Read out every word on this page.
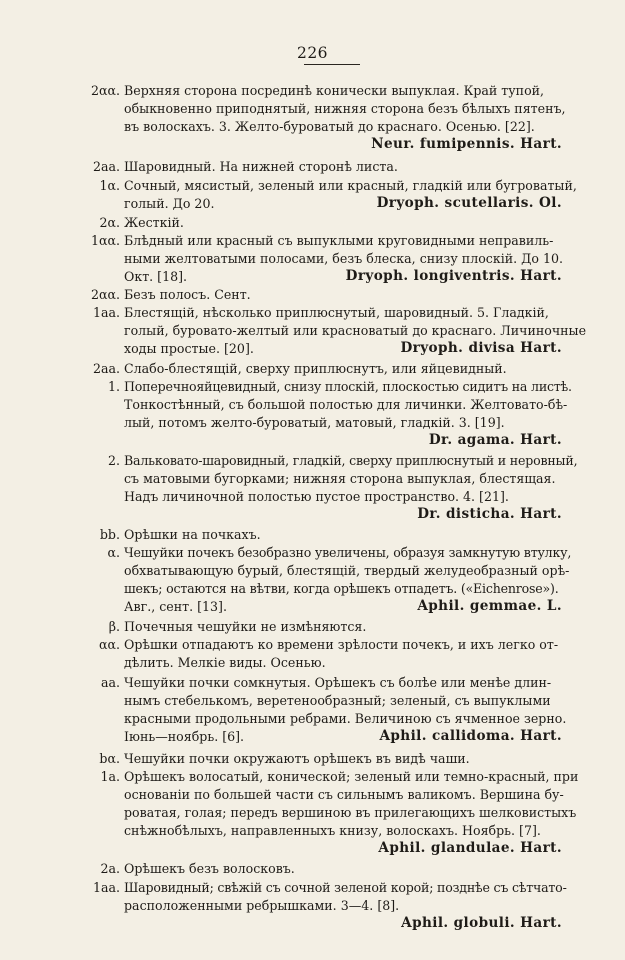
226
2αα. Верхняя сторона посрединѣ конически выпуклая. Край тупой,
обыкновенно приподнятый, нижняя сторона безъ бѣлыхъ пятенъ,
въ волоскахъ. 3. Желто-буроватый до краснаго. Осенью. [22].
Neur. fumipennis. Hart.
2aa. Шаровидный. На нижней сторонѣ листа.
1α. Сочный, мясистый, зеленый или красный, гладкій или бугроватый,
голый. До 20.	Dryoph. scutellaris. Ol.
2α. Жесткій.
1αα. Блѣдный или красный съ выпуклыми круговидными неправиль-
ными желтоватыми полосами, безъ блеска, снизу плоскій. До 10.
Окт. [18].	Dryoph. longiventris. Hart.
2αα. Безъ полосъ. Сент.
1aa. Блестящій, нѣсколько приплюснутый, шаровидный. 5. Гладкій,
голый, буровато-желтый или красноватый до краснаго. Личиночные
ходы простые. [20].	Dryoph. divisa Hart.
2aa. Слабо-блестящій, сверху приплюснутъ, или яйцевидный.
1. Поперечнояйцевидный, снизу плоскій, плоскостью сидитъ на листѣ.
Тонкостѣнный, съ большой полостью для личинки. Желтовато-бѣ-
лый, потомъ желто-буроватый, матовый, гладкій. 3. [19].
Dr. agama. Hart.
2. Вальковато-шаровидный, гладкій, сверху приплюснутый и неровный,
съ матовыми бугорками; нижняя сторона выпуклая, блестящая.
Надъ личиночной полостью пустое пространство. 4. [21].
Dr. disticha. Hart.
bb. Орѣшки на почкахъ.
α. Чешуйки почекъ безобразно увеличены, образуя замкнутую втулку,
обхватывающую бурый, блестящій, твердый желудеобразный орѣ-
шекъ; остаются на вѣтви, когда орѣшекъ отпадетъ. («Eichenrose»).
Авг., сент. [13].	Aphil. gemmae. L.
β. Почечныя чешуйки не измѣняются.
αα. Орѣшки отпадаютъ ко времени зрѣлости почекъ, и ихъ легко от-
дѣлить. Мелкіе виды. Осенью.
aa. Чешуйки почки сомкнутыя. Орѣшекъ съ болѣе или менѣе длин-
нымъ стебелькомъ, веретенообразный; зеленый, съ выпуклыми
красными продольными ребрами. Величиною съ ячменное зерно.
Іюнь—ноябрь. [6].	Aphil. callidoma. Hart.
bα. Чешуйки почки окружаютъ орѣшекъ въ видѣ чаши.
1a. Орѣшекъ волосатый, конической; зеленый или темно-красный, при
основаніи по большей части съ сильнымъ валикомъ. Вершина бу-
роватая, голая; передъ вершиною въ прилегающихъ шелковистыхъ
снѣжнобѣлыхъ, направленныхъ книзу, волоскахъ. Ноябрь. [7].
Aphil. glandulae. Hart.
2a. Орѣшекъ безъ волосковъ.
1aa. Шаровидный; свѣжій съ сочной зеленой корой; позднѣе съ сѣтчато-
расположенными ребрышками. 3—4. [8].
Aphil. globuli. Hart.
